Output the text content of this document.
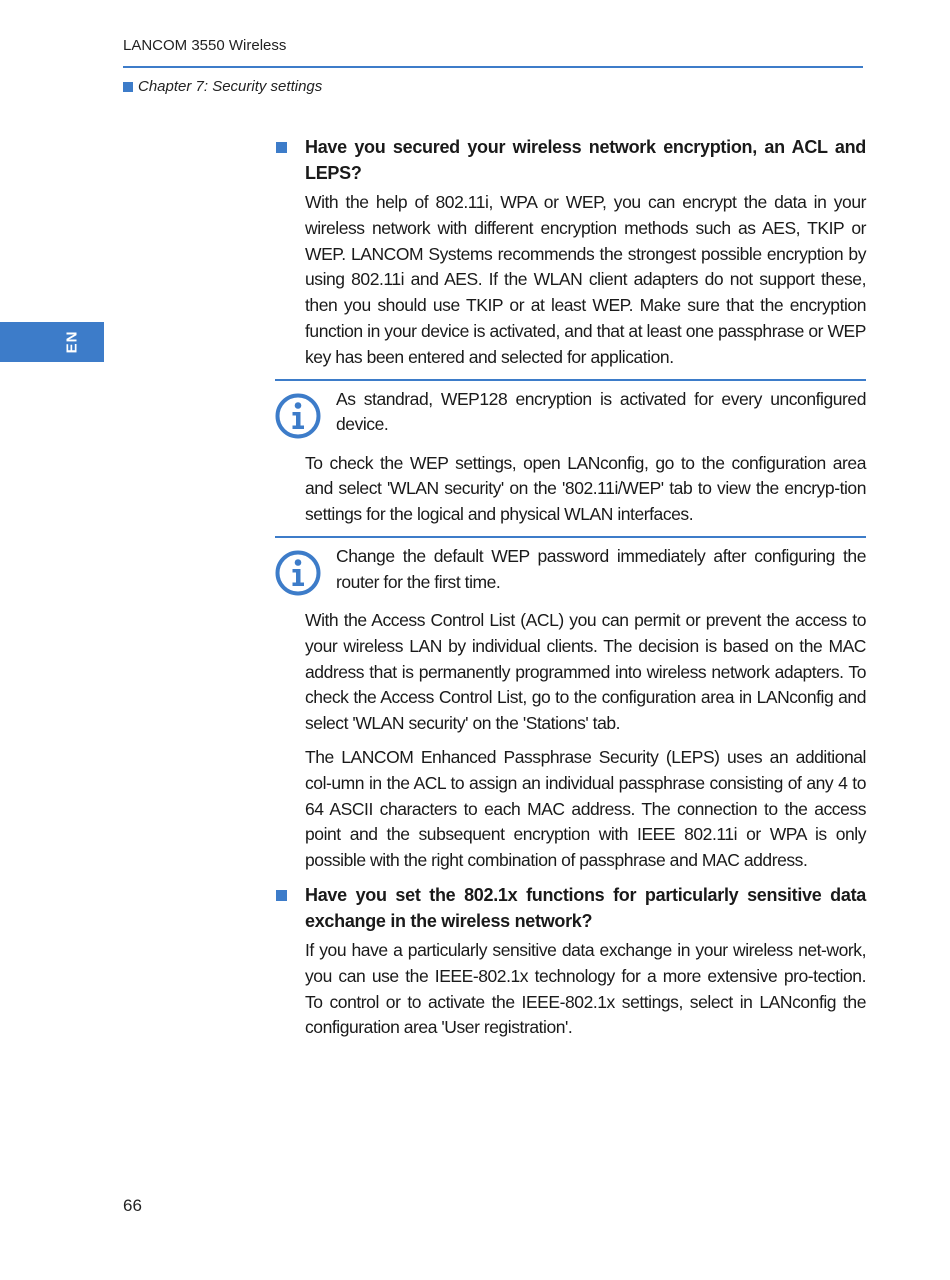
LANCOM 3550 Wireless
Chapter 7: Security settings
EN
Have you secured your wireless network encryption, an ACL and LEPS?

With the help of 802.11i, WPA or WEP, you can encrypt the data in your wireless network with different encryption methods such as AES, TKIP or WEP. LANCOM Systems recommends the strongest possible encryption by using 802.11i and AES. If the WLAN client adapters do not support these, then you should use TKIP or at least WEP. Make sure that the encryption function in your device is activated, and that at least one passphrase or WEP key has been entered and selected for application.

As standrad, WEP128 encryption is activated for every unconfigured device.

To check the WEP settings, open LANconfig, go to the configuration area and select 'WLAN security' on the '802.11i/WEP' tab to view the encryp-tion settings for the logical and physical WLAN interfaces.

Change the default WEP password immediately after configuring the router for the first time.

With the Access Control List (ACL) you can permit or prevent the access to your wireless LAN by individual clients. The decision is based on the MAC address that is permanently programmed into wireless network adapters. To check the Access Control List, go to the configuration area in LANconfig and select 'WLAN security' on the 'Stations' tab.

The LANCOM Enhanced Passphrase Security (LEPS) uses an additional col-umn in the ACL to assign an individual passphrase consisting of any 4 to 64 ASCII characters to each MAC address. The connection to the access point and the subsequent encryption with IEEE 802.11i or WPA is only possible with the right combination of passphrase and MAC address.

Have you set the 802.1x functions for particularly sensitive data exchange in the wireless network?

If you have a particularly sensitive data exchange in your wireless net-work, you can use the IEEE-802.1x technology for a more extensive pro-tection. To control or to activate the IEEE-802.1x settings, select in LANconfig the configuration area 'User registration'.

66
